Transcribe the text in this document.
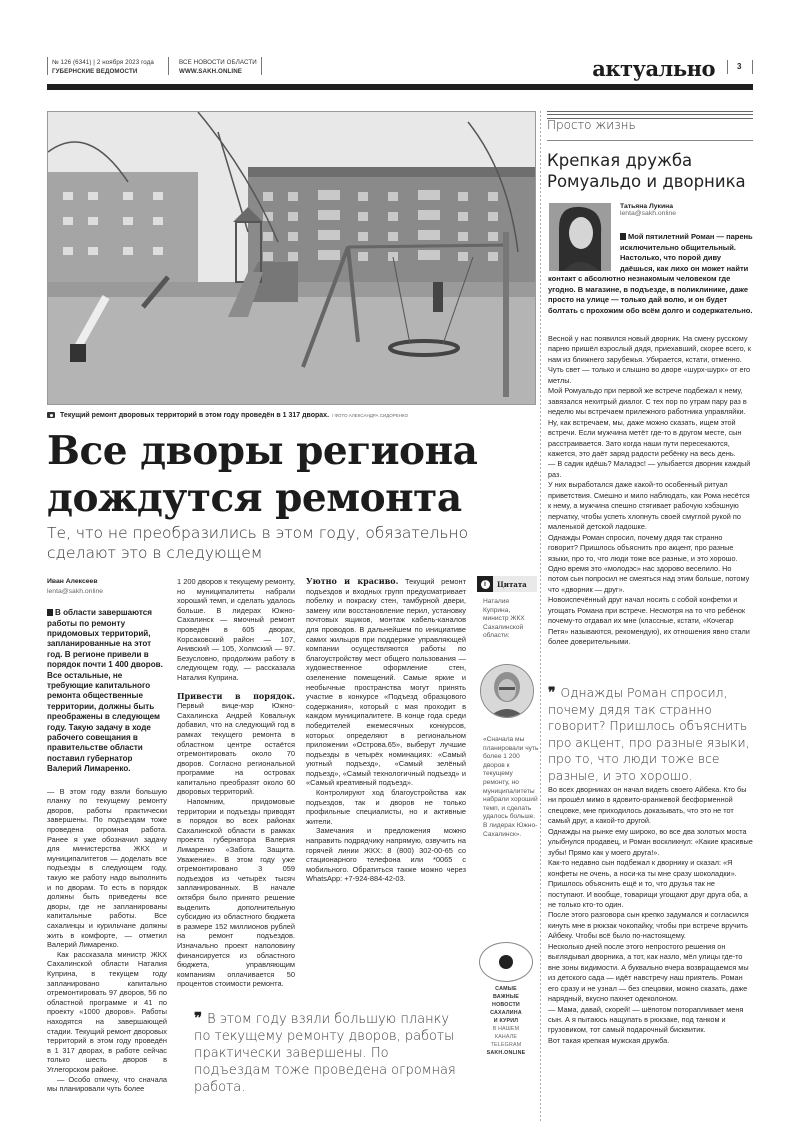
№ 126 (6341) | 2 ноября 2023 года
ГУБЕРНСКИЕ ВЕДОМОСТИ
ВСЕ НОВОСТИ ОБЛАСТИ
WWW.SAKH.ONLINE	актуально	3
Текущий ремонт дворовых территорий в этом году проведён в 1 317 дворах. / ФОТО АЛЕКСАНДРА СИДОРЕНКО
Все дворы региона
дождутся ремонта
Те, что не преобразились в этом году, обязательно сделают это в следующем
Иван Алексеев
lenta@sakh.online

В области завершаются работы по ремонту придомовых территорий, запланированные на этот год. В регионе привели в порядок почти 1 400 дворов. Все остальные, не требующие капитального ремонта общественные территории, должны быть преображены в следующем году. Такую задачу в ходе рабочего совещания в правительстве области поставил губернатор Валерий Лимаренко.

— В этом году взяли большую планку по текущему ремонту дворов, работы практически завершены. По подъездам тоже проведена огромная работа. Ранее я уже обозначил задачу для министерства ЖКХ и муниципалитетов — доделать все подъезды в следующем году, такую же работу надо выполнить и по дворам. То есть в порядок должны быть приведены все дворы, где не запланированы капитальные работы. Все сахалинцы и курильчане должны жить в комфорте, — отметил Валерий Лимаренко.

Как рассказала министр ЖКХ Сахалинской области Наталия Куприна, в текущем году запланировано капитально отремонтировать 97 дворов, 56 по областной программе и 41 по проекту «1000 дворов». Работы находятся на завершающей стадии. Текущий ремонт дворовых территорий в этом году проведён в 1 317 дворах, в работе сейчас только шесть дворов в Углегорском районе.

— Особо отмечу, что сначала мы планировали чуть более

1 200 дворов к текущему ремонту, но муниципалитеты набрали хороший темп, и сделать удалось больше. В лидерах Южно-Сахалинск — ямочный ремонт проведён в 605 дворах, Корсаковский район — 107, Анивский — 105, Холмский — 97. Безусловно, продолжим работу в следующем году, — рассказала Наталия Куприна.

Привести в порядок. Первый вице-мэр Южно-Сахалинска Андрей Ковальчук добавил, что на следующий год в рамках текущего ремонта в областном центре остаётся отремонтировать около 70 дворов. Согласно региональной программе на островах капитально преобразят около 60 дворовых территорий.

Напомним, придомовые территории и подъезды приводят в порядок во всех районах Сахалинской области в рамках проекта губернатора Валерия Лимаренко «Забота. Защита. Уважение». В этом году уже отремонтировано 3 059 подъездов из четырёх тысяч запланированных. В начале октября было принято решение выделить дополнительную субсидию из областного бюджета в размере 152 миллионов рублей на ремонт подъездов. Изначально проект наполовину финансируется из областного бюджета, управляющим компаниям оплачивается 50 процентов стоимости ремонта.

Уютно и красиво. Текущий ремонт подъездов и входных групп предусматривает побелку и покраску стен, тамбурной двери, замену или восстановление перил, установку почтовых ящиков, монтаж кабель-каналов для проводов. В дальнейшем по инициативе самих жильцов при поддержке управляющей компании осуществляются работы по благоустройству мест общего пользования — художественное оформление стен, озеленение помещений. Самые яркие и необычные пространства могут принять участие в конкурсе «Подъезд образцового содержания», который с мая проходит в каждом муниципалитете. В конце года среди победителей ежемесячных конкурсов, которых определяют в региональном приложении «Острова.65», выберут лучшие подъезды в четырёх номинациях: «Самый уютный подъезд», «Самый зелёный подъезд», «Самый технологичный подъезд» и «Самый креативный подъезд».

Контролируют ход благоустройства как подъездов, так и дворов не только профильные специалисты, но и активные жители.

Замечания и предложения можно направить подрядчику напрямую, озвучить на горячей линии ЖКХ: 8 (800) 302-00-65 со стационарного телефона или *0065 с мобильного. Обратиться также можно через WhatsApp: +7-924-884-42-03.

❞ В этом году взяли большую планку по текущему ремонту дворов, работы практически завершены. По подъездам тоже проведена огромная работа.
i	Цитата
Наталия Куприна, министр ЖКХ Сахалинской области:
«Сначала мы планировали чуть более 1 200 дворов к текущему ремонту, но муниципалитеты набрали хороший темп, и сделать удалось больше. В лидерах Южно-Сахалинск».
САМЫЕ
ВАЖНЫЕ
НОВОСТИ
САХАЛИНА
И КУРИЛ
В НАШЕМ
КАНАЛЕ
TELEGRAM
SAKH.ONLINE
Просто жизнь
Крепкая дружба
Ромуальдо и дворника
Татьяна Лукина
lenta@sakh.online
Мой пятилетний Роман — парень исключительно общительный. Настолько, что порой диву даёшься, как лихо он может найти контакт с абсолютно незнакомым человеком где угодно. В магазине, в подъезде, в поликлинике, даже просто на улице — только дай волю, и он будет болтать с прохожим обо всём долго и содержательно.

Весной у нас появился новый дворник. На смену русскому парню пришёл взрослый дядя, приехавший, скорее всего, к нам из ближнего зарубежья. Убирается, кстати, отменно. Чуть свет — только и слышно во дворе «шурх-шурх» от его метлы.

Мой Ромуальдо при первой же встрече подбежал к нему, завязался нехитрый диалог. С тех пор по утрам пару раз в неделю мы встречаем прилежного работника управляйки. Ну, как встречаем, мы, даже можно сказать, ищем этой встречи. Если мужчина метёт где-то в другом месте, сын расстраивается. Зато когда наши пути пересекаются, кажется, это даёт заряд радости ребёнку на весь день.

— В садик идёшь? Маладэс! — улыбается дворник каждый раз.

У них выработался даже какой-то особенный ритуал приветствия. Смешно и мило наблюдать, как Рома несётся к нему, а мужчина спешно стягивает рабочую хэбэшную перчатку, чтобы успеть хлопнуть своей смуглой рукой по маленькой детской ладошке.

Однажды Роман спросил, почему дядя так странно говорит? Пришлось объяснить про акцент, про разные языки, про то, что люди тоже все разные, и это хорошо.

Одно время это «молодэс» нас здорово веселило. Но потом сын попросил не смеяться над этим больше, потому что «дворник — друг».

Новоиспечённый друг начал носить с собой конфетки и угощать Романа при встрече. Несмотря на то что ребёнок почему-то отдавал их мне (классные, кстати, «Кочегар Петя» называются, рекомендую), их отношения явно стали более доверительными.

❞ Однажды Роман спросил, почему дядя так странно говорит? Пришлось объяснить про акцент, про разные языки, про то, что люди тоже все разные, и это хорошо.

Во всех дворниках он начал видеть своего Айбека. Кто бы ни прошёл мимо в ядовито-оранжевой бесформенной спецовке, мне приходилось доказывать, что это не тот самый друг, а какой-то другой.

Однажды на рынке ему широко, во все два золотых моста улыбнулся продавец, и Роман воскликнул: «Какие красивые зубы! Прямо как у моего друга!».

Как-то недавно сын подбежал к дворнику и сказал: «Я конфеты не очень, а носи-ка ты мне сразу шоколадки». Пришлось объяснить ещё и то, что друзья так не поступают. И вообще, товарищи угощают друг друга оба, а не только кто-то один.

После этого разговора сын крепко задумался и согласился кинуть мне в рюкзак чокопайку, чтобы при встрече вручить Айбеку. Чтобы всё было по-настоящему.

Несколько дней после этого непростого решения он выглядывал дворника, а тот, как назло, мёл улицы где-то вне зоны видимости. А буквально вчера возвращаемся мы из детского сада — идёт навстречу наш приятель. Роман его сразу и не узнал — без спецовки, можно сказать, даже нарядный, вкусно пахнет одеколоном.

— Мама, давай, скорей! — шёпотом поторапливает меня сын. А я пытаюсь нащупать в рюкзаке, под танком и грузовиком, тот самый подарочный бисквитик.

Вот такая крепкая мужская дружба.
